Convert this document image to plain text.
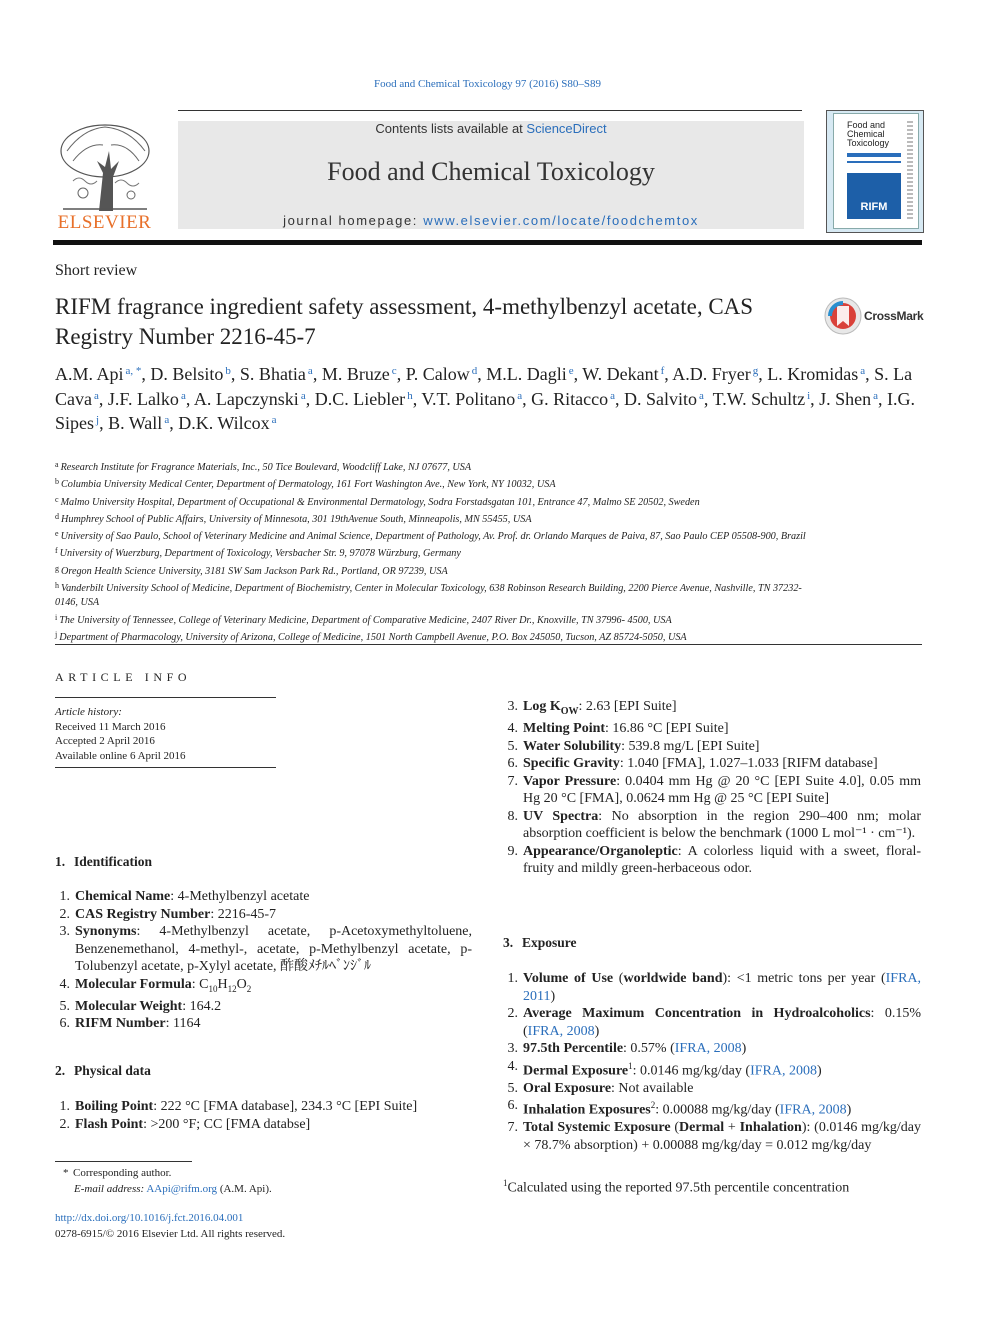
Food and Chemical Toxicology 97 (2016) S80–S89
ELSEVIER
Contents lists available at ScienceDirect
Food and Chemical Toxicology
journal homepage: www.elsevier.com/locate/foodchemtox
Food and
Chemical
Toxicology
RIFM
Short review
RIFM fragrance ingredient safety assessment, 4-methylbenzyl acetate, CAS Registry Number 2216-45-7
CrossMark
A.M. Api $^{a, *}$, D. Belsito $^b$, S. Bhatia $^a$, M. Bruze $^c$, P. Calow $^d$, M.L. Dagli $^e$, W. Dekant $^f$, A.D. Fryer $^g$, L. Kromidas $^a$, S. La Cava $^a$, J.F. Lalko $^a$, A. Lapczynski $^a$, D.C. Liebler $^h$, V.T. Politano $^a$, G. Ritacco $^a$, D. Salvito $^a$, T.W. Schultz $^i$, J. Shen $^a$, I.G. Sipes $^j$, B. Wall $^a$, D.K. Wilcox $^a$
$^a$ Research Institute for Fragrance Materials, Inc., 50 Tice Boulevard, Woodcliff Lake, NJ 07677, USA
$^b$ Columbia University Medical Center, Department of Dermatology, 161 Fort Washington Ave., New York, NY 10032, USA
$^c$ Malmo University Hospital, Department of Occupational & Environmental Dermatology, Sodra Forstadsgatan 101, Entrance 47, Malmo SE 20502, Sweden
$^d$ Humphrey School of Public Affairs, University of Minnesota, 301 19thAvenue South, Minneapolis, MN 55455, USA
$^e$ University of Sao Paulo, School of Veterinary Medicine and Animal Science, Department of Pathology, Av. Prof. dr. Orlando Marques de Paiva, 87, Sao Paulo CEP 05508-900, Brazil
$^f$ University of Wuerzburg, Department of Toxicology, Versbacher Str. 9, 97078 Würzburg, Germany
$^g$ Oregon Health Science University, 3181 SW Sam Jackson Park Rd., Portland, OR 97239, USA
$^h$ Vanderbilt University School of Medicine, Department of Biochemistry, Center in Molecular Toxicology, 638 Robinson Research Building, 2200 Pierce Avenue, Nashville, TN 37232-0146, USA
$^i$ The University of Tennessee, College of Veterinary Medicine, Department of Comparative Medicine, 2407 River Dr., Knoxville, TN 37996- 4500, USA
$^j$ Department of Pharmacology, University of Arizona, College of Medicine, 1501 North Campbell Avenue, P.O. Box 245050, Tucson, AZ 85724-5050, USA
ARTICLE INFO
Article history:
Received 11 March 2016
Accepted 2 April 2016
Available online 6 April 2016
1. Identification
1. Chemical Name: 4-Methylbenzyl acetate
2. CAS Registry Number: 2216-45-7
3. Synonyms: 4-Methylbenzyl acetate, p-Acetoxymethyltoluene, Benzenemethanol, 4-methyl-, acetate, p-Methylbenzyl acetate, p-Tolubenzyl acetate, p-Xylyl acetate, 酢酸ﾒﾁﾙﾍﾞﾝｼﾞﾙ
4. Molecular Formula: $C_{10}H_{12}O_2$
5. Molecular Weight: 164.2
6. RIFM Number: 1164
2. Physical data
1. Boiling Point: 222 °C [FMA database], 234.3 °C [EPI Suite]
2. Flash Point: >200 °F; CC [FMA databse]
3. Log $K_{OW}$: 2.63 [EPI Suite]
4. Melting Point: 16.86 °C [EPI Suite]
5. Water Solubility: 539.8 mg/L [EPI Suite]
6. Specific Gravity: 1.040 [FMA], 1.027–1.033 [RIFM database]
7. Vapor Pressure: 0.0404 mm Hg @ 20 °C [EPI Suite 4.0], 0.05 mm Hg 20 °C [FMA], 0.0624 mm Hg @ 25 °C [EPI Suite]
8. UV Spectra: No absorption in the region 290–400 nm; molar absorption coefficient is below the benchmark (1000 L mol⁻¹ · cm⁻¹).
9. Appearance/Organoleptic: A colorless liquid with a sweet, floral-fruity and mildly green-herbaceous odor.
3. Exposure
1. Volume of Use (worldwide band): <1 metric tons per year (IFRA, 2011)
2. Average Maximum Concentration in Hydroalcoholics: 0.15% (IFRA, 2008)
3. 97.5th Percentile: 0.57% (IFRA, 2008)
4. Dermal Exposure$^1$: 0.0146 mg/kg/day (IFRA, 2008)
5. Oral Exposure: Not available
6. Inhalation Exposures$^2$: 0.00088 mg/kg/day (IFRA, 2008)
7. Total Systemic Exposure (Dermal + Inhalation): (0.0146 mg/kg/day × 78.7% absorption) + 0.00088 mg/kg/day = 0.012 mg/kg/day
* Corresponding author.
E-mail address: AApi@rifm.org (A.M. Api).
http://dx.doi.org/10.1016/j.fct.2016.04.001
0278-6915/© 2016 Elsevier Ltd. All rights reserved.
$^1$Calculated using the reported 97.5th percentile concentration
